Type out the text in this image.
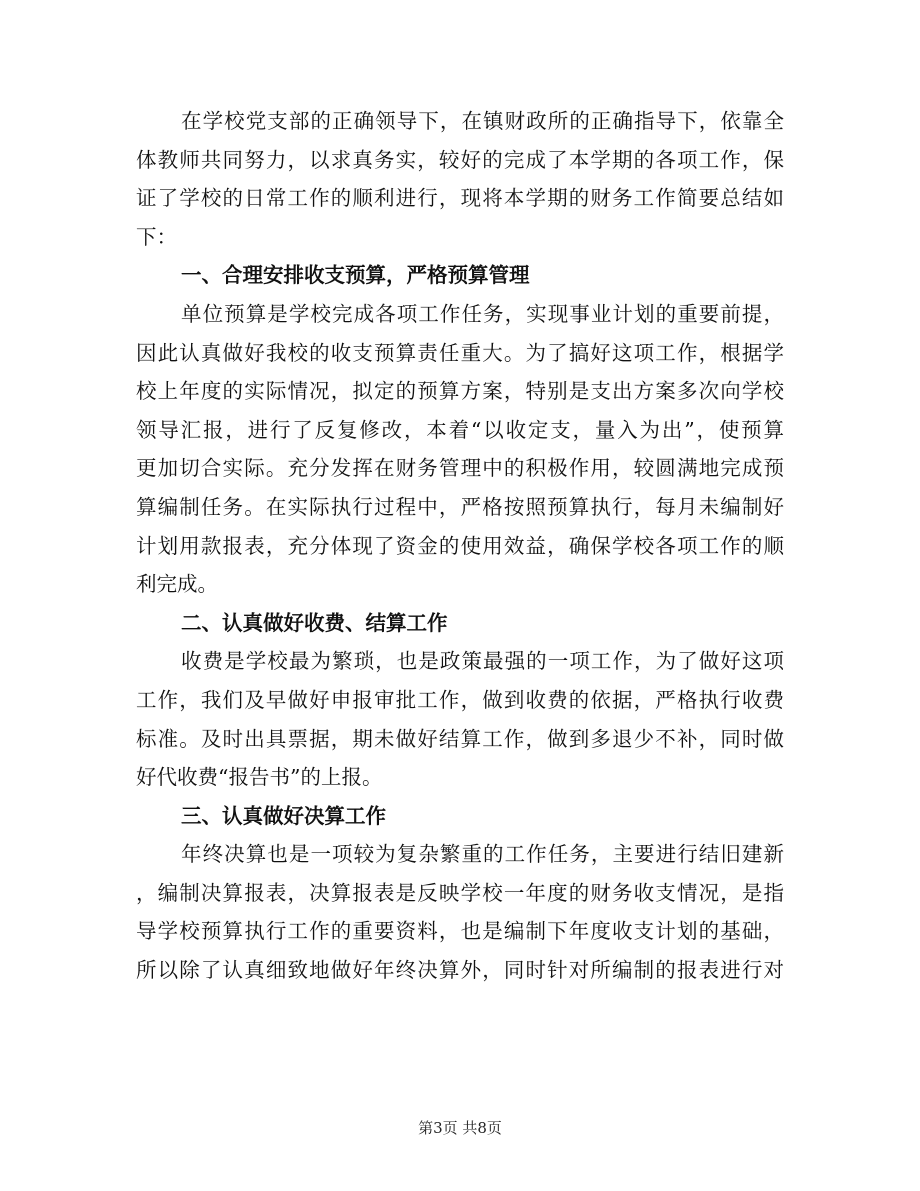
在学校党支部的正确领导下，在镇财政所的正确指导下，依靠全
体教师共同努力，以求真务实，较好的完成了本学期的各项工作，保
证了学校的日常工作的顺利进行，现将本学期的财务工作简要总结如
下：
一、合理安排收支预算，严格预算管理
单位预算是学校完成各项工作任务，实现事业计划的重要前提，
因此认真做好我校的收支预算责任重大。为了搞好这项工作，根据学
校上年度的实际情况，拟定的预算方案，特别是支出方案多次向学校
领导汇报，进行了反复修改，本着“以收定支，量入为出”，使预算
更加切合实际。充分发挥在财务管理中的积极作用，较圆满地完成预
算编制任务。在实际执行过程中，严格按照预算执行，每月未编制好
计划用款报表，充分体现了资金的使用效益，确保学校各项工作的顺
利完成。
二、认真做好收费、结算工作
收费是学校最为繁琐，也是政策最强的一项工作，为了做好这项
工作，我们及早做好申报审批工作，做到收费的依据，严格执行收费
标准。及时出具票据，期未做好结算工作，做到多退少不补，同时做
好代收费“报告书”的上报。
三、认真做好决算工作
年终决算也是一项较为复杂繁重的工作任务，主要进行结旧建新
，编制决算报表，决算报表是反映学校一年度的财务收支情况，是指
导学校预算执行工作的重要资料，也是编制下年度收支计划的基础，
所以除了认真细致地做好年终决算外，同时针对所编制的报表进行对
第3页 共8页
